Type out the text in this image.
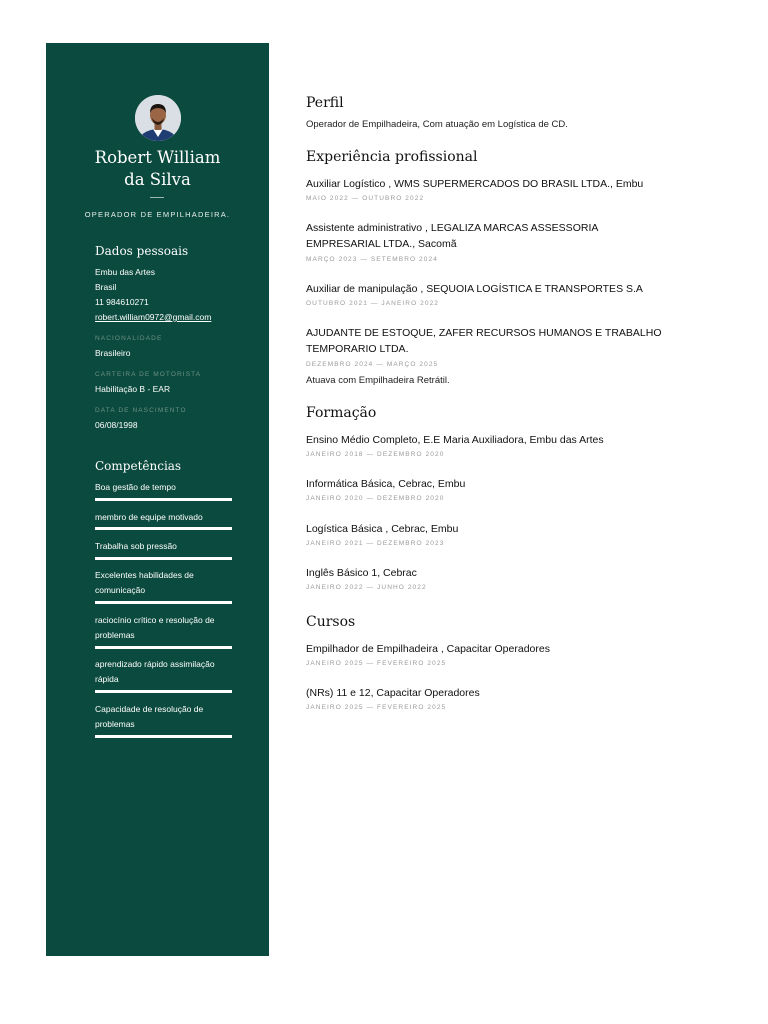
Robert William
da Silva
OPERADOR DE EMPILHADEIRA.
Dados pessoais
Embu das Artes
Brasil
11 984610271
robert.william0972@gmail.com
NACIONALIDADE
Brasileiro
CARTEIRA DE MOTORISTA
Habilitação B - EAR
DATA DE NASCIMENTO
06/08/1998
Competências
Boa gestão de tempo
membro de equipe motivado
Trabalha sob pressão
Excelentes habilidades de comunicação
raciocínio crítico e resolução de problemas
aprendizado rápido assimilação rápida
Capacidade de resolução de problemas
Perfil
Operador de Empilhadeira, Com atuação em Logística de CD.
Experiência profissional
Auxiliar Logístico , WMS SUPERMERCADOS DO BRASIL LTDA., Embu
MAIO 2022 — OUTUBRO 2022
Assistente administrativo , LEGALIZA MARCAS ASSESSORIA EMPRESARIAL LTDA., Sacomã
MARÇO 2023 — SETEMBRO 2024
Auxiliar de manipulação , SEQUOIA LOGÍSTICA E TRANSPORTES S.A
OUTUBRO 2021 — JANEIRO 2022
AJUDANTE DE ESTOQUE, ZAFER RECURSOS HUMANOS E TRABALHO TEMPORARIO LTDA.
DEZEMBRO 2024 — MARÇO 2025
Atuava com Empilhadeira Retrátil.
Formação
Ensino Médio Completo, E.E Maria Auxiliadora, Embu das Artes
JANEIRO 2018 — DEZEMBRO 2020
Informática Básica, Cebrac, Embu
JANEIRO 2020 — DEZEMBRO 2020
Logística Básica , Cebrac, Embu
JANEIRO 2021 — DEZEMBRO 2023
Inglês Básico 1, Cebrac
JANEIRO 2022 — JUNHO 2022
Cursos
Empilhador de Empilhadeira , Capacitar Operadores
JANEIRO 2025 — FEVEREIRO 2025
(NRs) 11 e 12, Capacitar Operadores
JANEIRO 2025 — FEVEREIRO 2025
